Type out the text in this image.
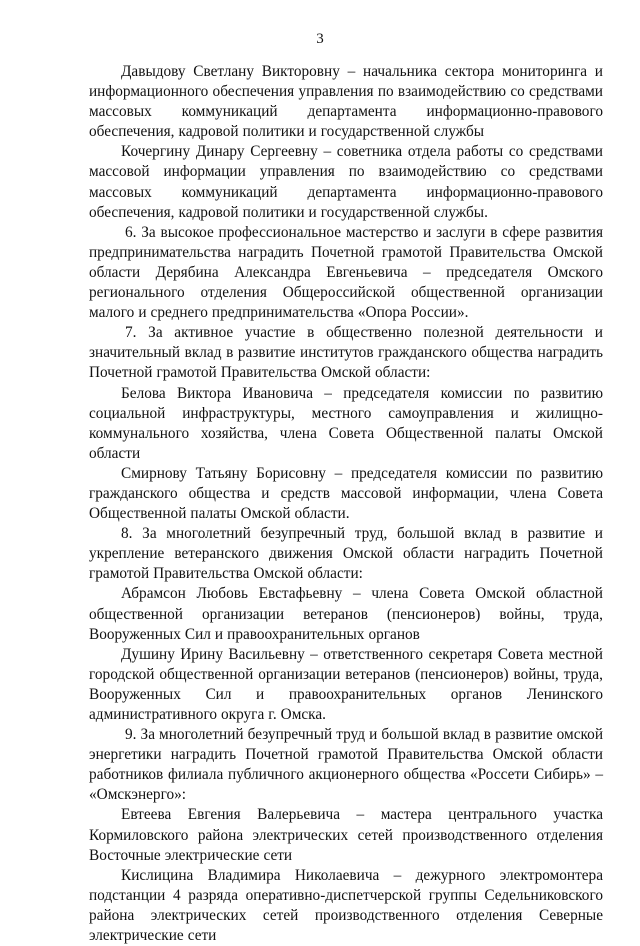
3

Давыдову Светлану Викторовну – начальника сектора мониторинга и информационного обеспечения управления по взаимодействию со средствами массовых коммуникаций департамента информационно-правового обеспечения, кадровой политики и государственной службы

Кочергину Динару Сергеевну – советника отдела работы со средствами массовой информации управления по взаимодействию со средствами массовых коммуникаций департамента информационно-правового обеспечения, кадровой политики и государственной службы.

6. За высокое профессиональное мастерство и заслуги в сфере развития предпринимательства наградить Почетной грамотой Правительства Омской области Дерябина Александра Евгеньевича – председателя Омского регионального отделения Общероссийской общественной организации малого и среднего предпринимательства «Опора России».

7. За активное участие в общественно полезной деятельности и значительный вклад в развитие институтов гражданского общества наградить Почетной грамотой Правительства Омской области:

Белова Виктора Ивановича – председателя комиссии по развитию социальной инфраструктуры, местного самоуправления и жилищно-коммунального хозяйства, члена Совета Общественной палаты Омской области

Смирнову Татьяну Борисовну – председателя комиссии по развитию гражданского общества и средств массовой информации, члена Совета Общественной палаты Омской области.

8. За многолетний безупречный труд, большой вклад в развитие и укрепление ветеранского движения Омской области наградить Почетной грамотой Правительства Омской области:

Абрамсон Любовь Евстафьевну – члена Совета Омской областной общественной организации ветеранов (пенсионеров) войны, труда, Вооруженных Сил и правоохранительных органов

Душину Ирину Васильевну – ответственного секретаря Совета местной городской общественной организации ветеранов (пенсионеров) войны, труда, Вооруженных Сил и правоохранительных органов Ленинского административного округа г. Омска.

9. За многолетний безупречный труд и большой вклад в развитие омской энергетики наградить Почетной грамотой Правительства Омской области работников филиала публичного акционерного общества «Россети Сибирь» – «Омскэнерго»:

Евтеева Евгения Валерьевича – мастера центрального участка Кормиловского района электрических сетей производственного отделения Восточные электрические сети

Кислицина Владимира Николаевича – дежурного электромонтера подстанции 4 разряда оперативно-диспетчерской группы Седельниковского района электрических сетей производственного отделения Северные электрические сети
